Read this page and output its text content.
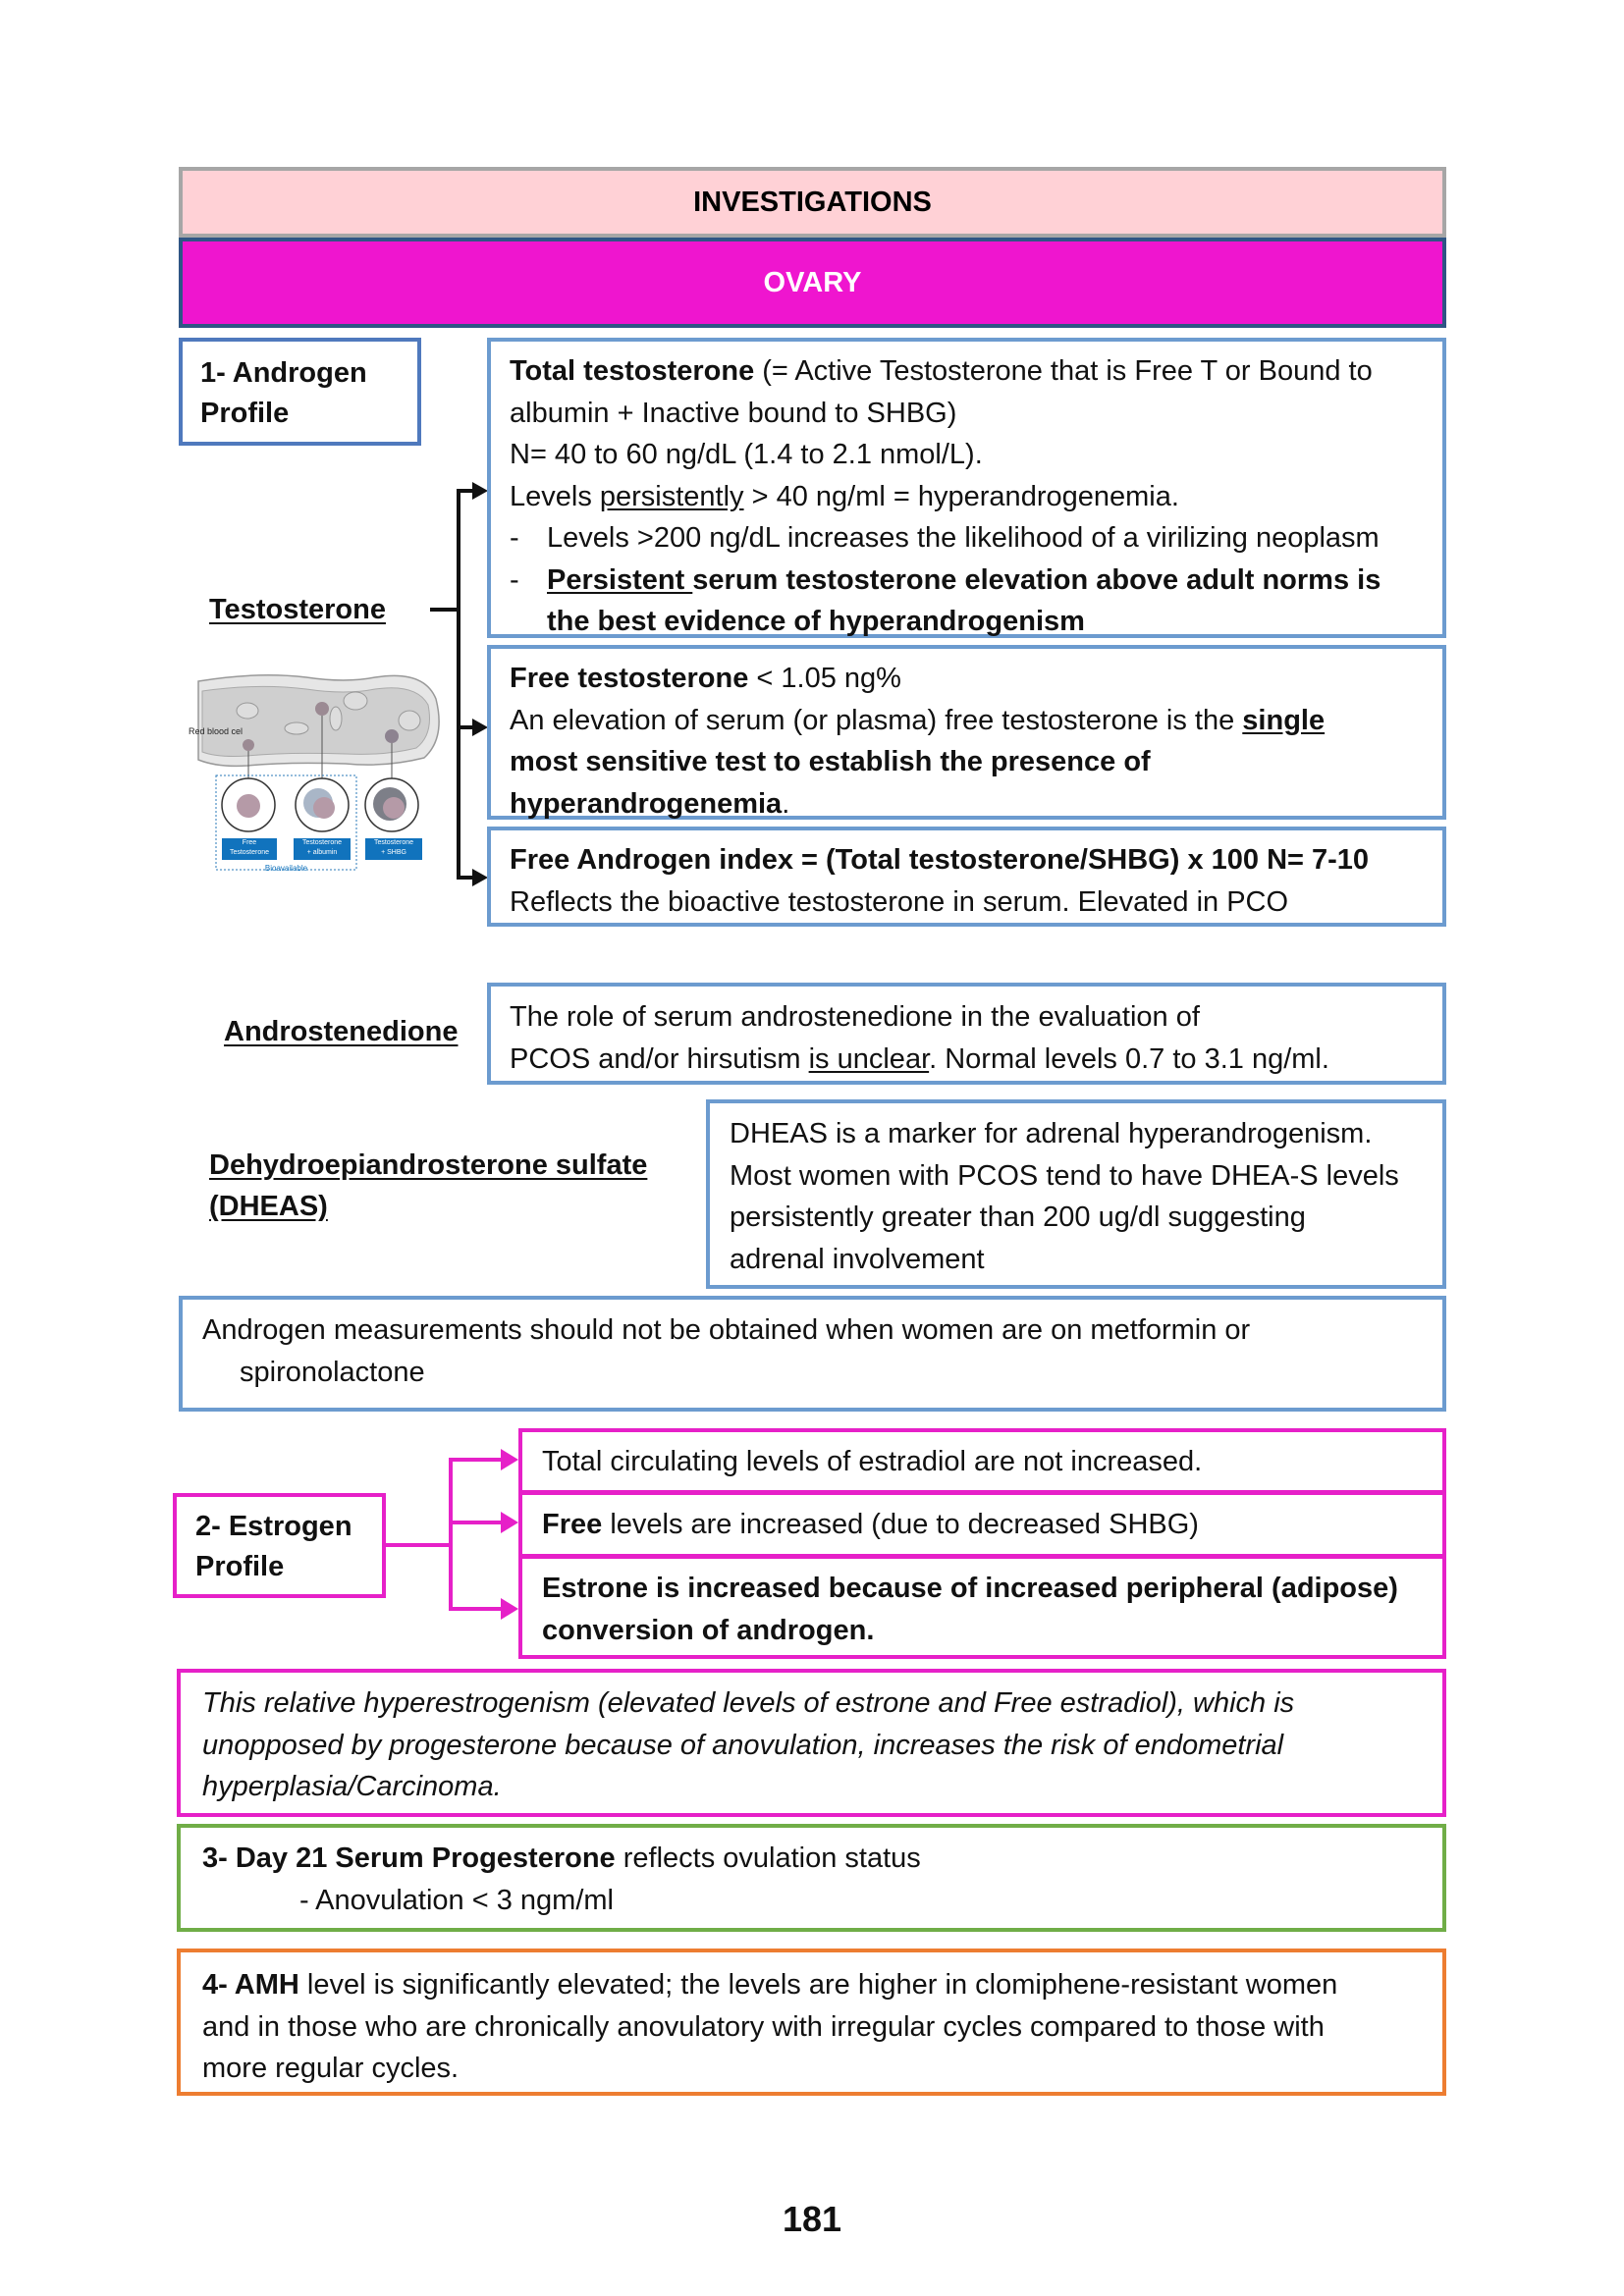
INVESTIGATIONS
OVARY
1- Androgen
Profile
Testosterone
Total testosterone (= Active Testosterone that is Free T or Bound to
albumin + Inactive bound to SHBG)
N= 40 to 60 ng/dL (1.4 to 2.1 nmol/L).
Levels persistently > 40 ng/ml = hyperandrogenemia.
- Levels >200 ng/dL increases the likelihood of a virilizing neoplasm
- Persistent serum testosterone elevation above adult norms is
the best evidence of hyperandrogenism
Free testosterone < 1.05 ng%
An elevation of serum (or plasma) free testosterone is the single
most sensitive test to establish the presence of
hyperandrogenemia.
Free Androgen index = (Total testosterone/SHBG) x 100 N= 7-10
Reflects the bioactive testosterone in serum. Elevated in PCO
Red blood cel
Free
Testosterone
Testosterone
+ albumin
Testosterone
+ SHBG
Bioavailable
Androstenedione The role of serum androstenedione in the evaluation of
PCOS and/or hirsutism is unclear. Normal levels 0.7 to 3.1 ng/ml.
Dehydroepiandrosterone sulfate
(DHEAS)
DHEAS is a marker for adrenal hyperandrogenism.
Most women with PCOS tend to have DHEA-S levels
persistently greater than 200 ug/dl suggesting
adrenal involvement
Androgen measurements should not be obtained when women are on metformin or
spironolactone
2- Estrogen
Profile
Total circulating levels of estradiol are not increased.
Free levels are increased (due to decreased SHBG)
Estrone is increased because of increased peripheral (adipose)
conversion of androgen.
This relative hyperestrogenism (elevated levels of estrone and Free estradiol), which is
unopposed by progesterone because of anovulation, increases the risk of endometrial
hyperplasia/Carcinoma.
3- Day 21 Serum Progesterone reflects ovulation status
- Anovulation < 3 ngm/ml
4- AMH level is significantly elevated; the levels are higher in clomiphene-resistant women
and in those who are chronically anovulatory with irregular cycles compared to those with
more regular cycles.
181
